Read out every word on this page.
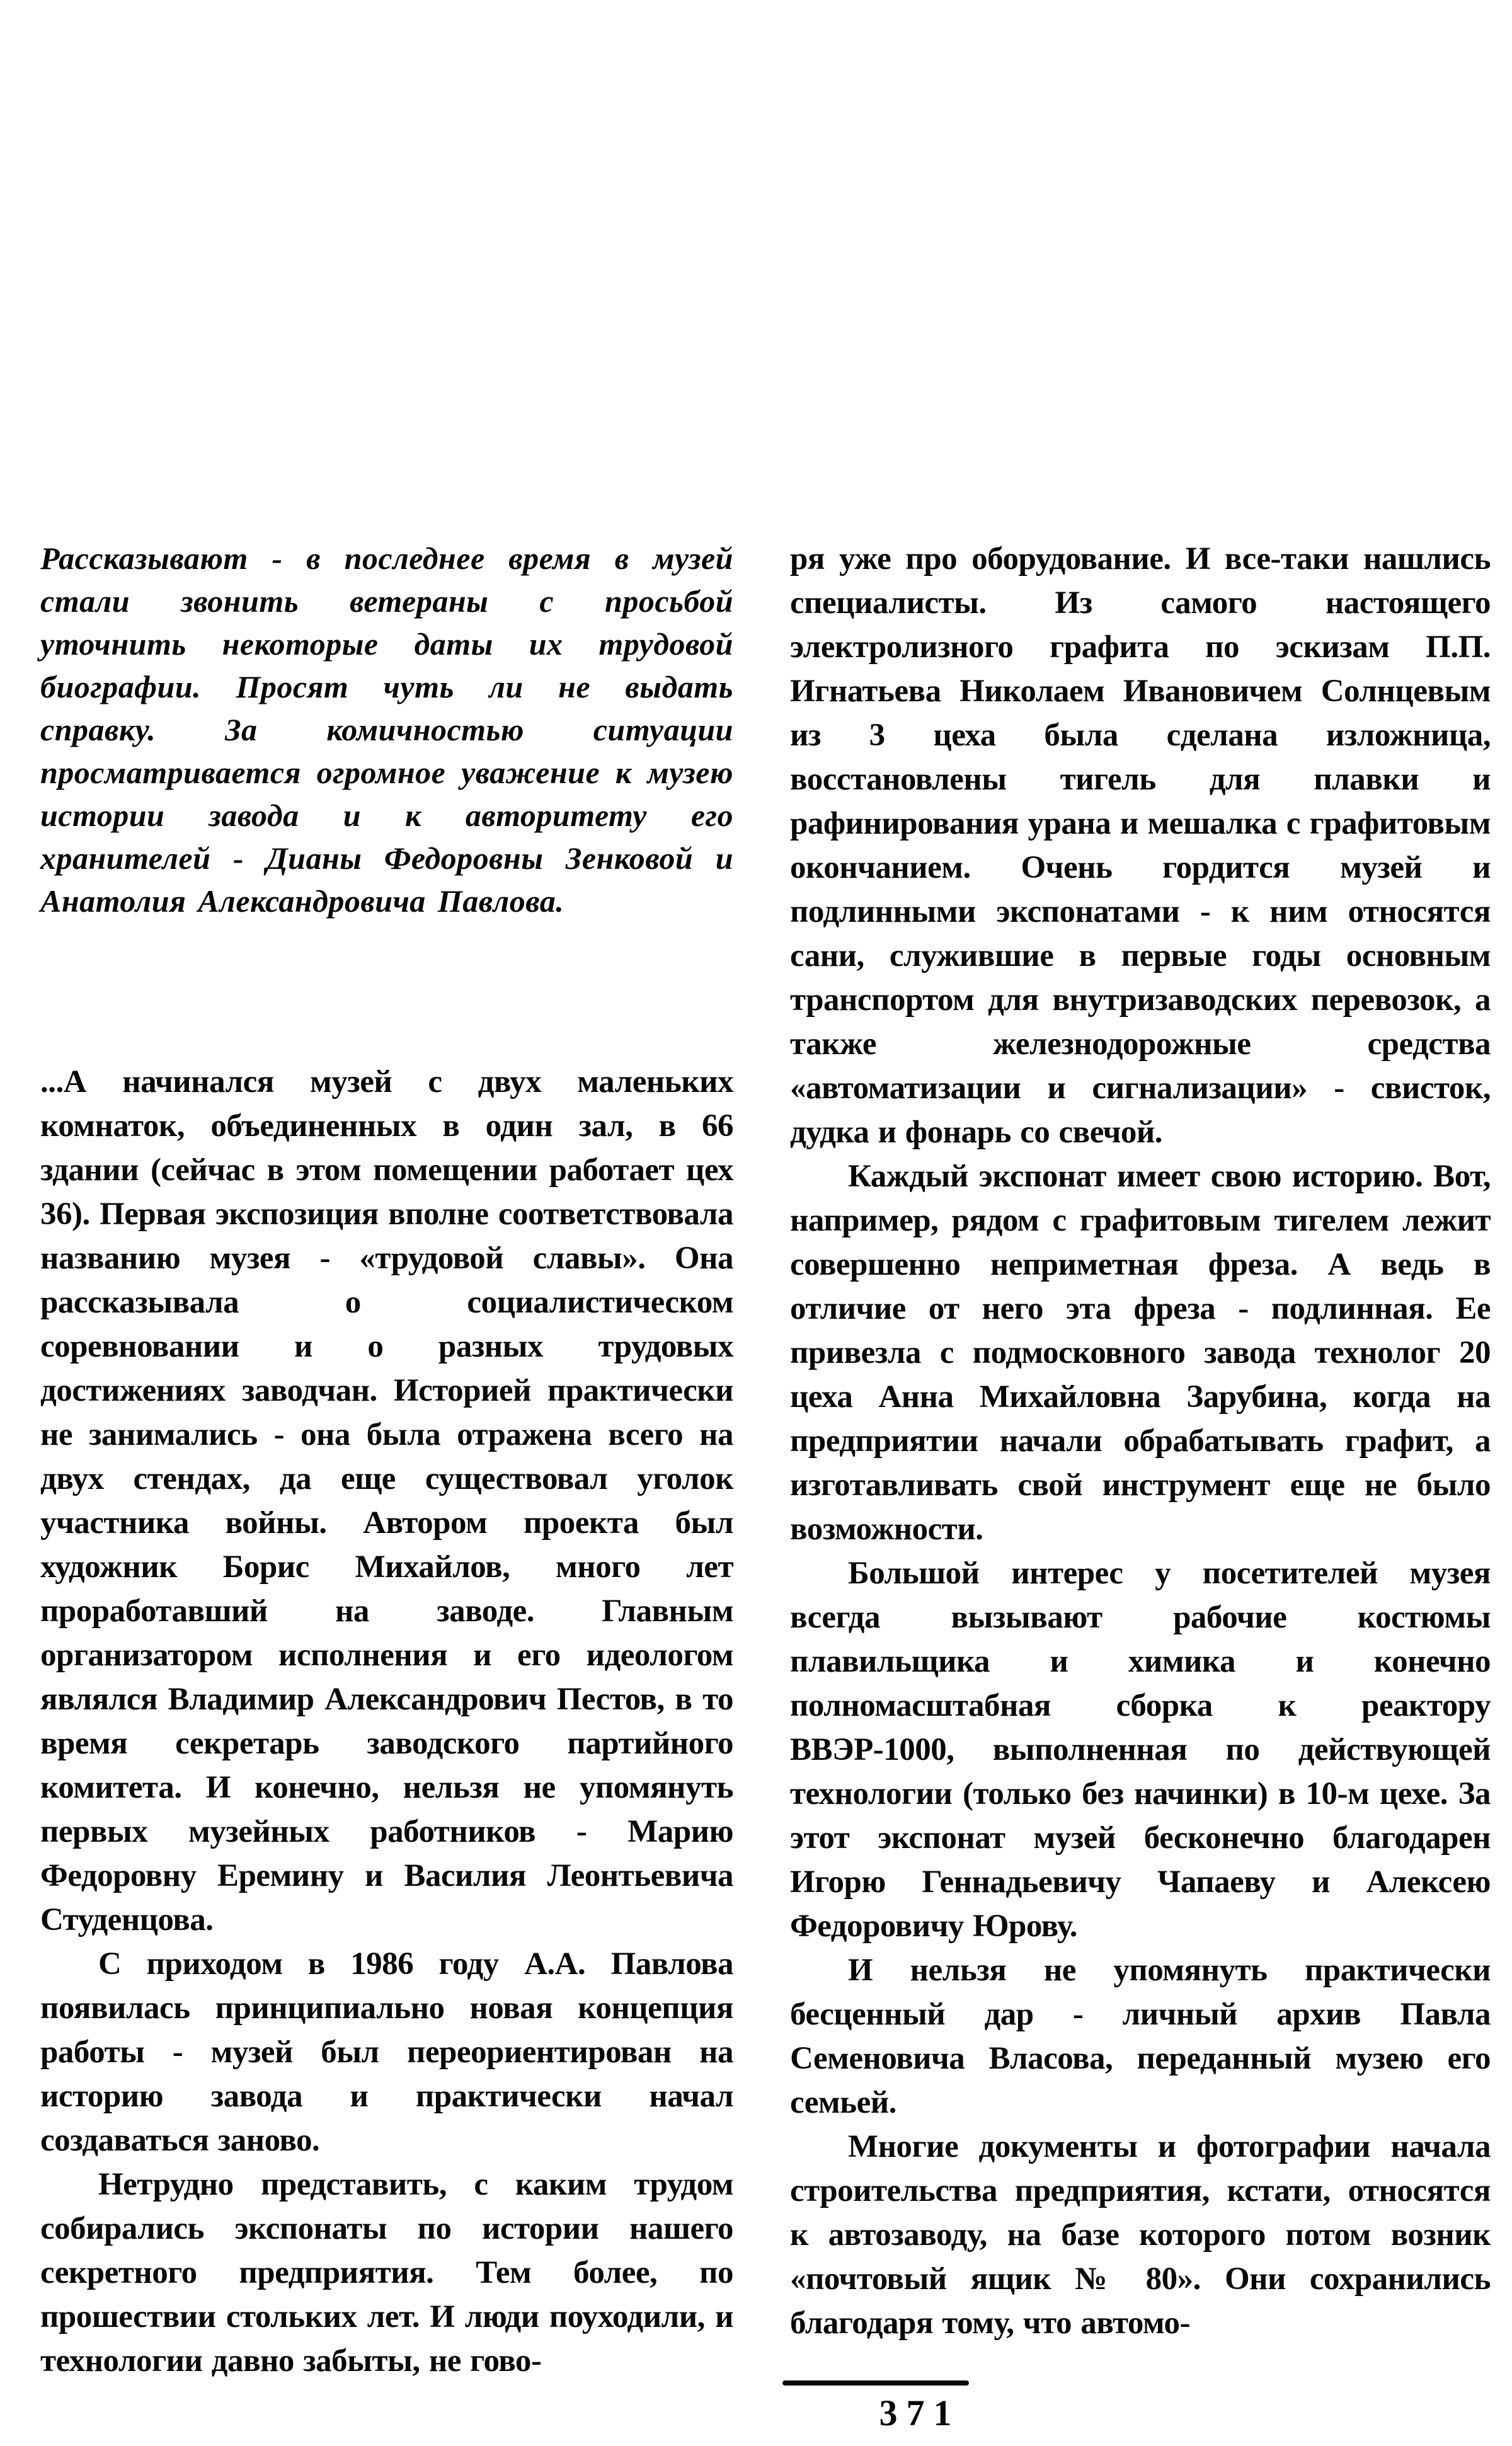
Рассказывают - в последнее время в музей стали звонить ветераны с просьбой уточнить некоторые даты их трудовой биографии. Просят чуть ли не выдать справку. За комичностью ситуации просматривается огромное уважение к музею истории завода и к авторитету его хранителей - Дианы Федоровны Зенковой и Анатолия Александровича Павлова.

...А начинался музей с двух маленьких комнаток, объединенных в один зал, в 66 здании (сейчас в этом помещении работает цех 36). Первая экспозиция вполне соответствовала названию музея - «трудовой славы». Она рассказывала о социалистическом соревновании и о разных трудовых достижениях заводчан. Историей практически не занимались - она была отражена всего на двух стендах, да еще существовал уголок участника войны. Автором проекта был художник Борис Михайлов, много лет проработавший на заводе. Главным организатором исполнения и его идеологом являлся Владимир Александрович Пестов, в то время секретарь заводского партийного комитета. И конечно, нельзя не упомянуть первых музейных работников - Марию Федоровну Еремину и Василия Леонтьевича Студенцова.

С приходом в 1986 году А.А. Павлова появилась принципиально новая концепция работы - музей был переориентирован на историю завода и практически начал создаваться заново.

Нетрудно представить, с каким трудом собирались экспонаты по истории нашего секретного предприятия. Тем более, по прошествии стольких лет. И люди поуходили, и технологии давно забыты, не гово-

ря уже про оборудование. И все-таки нашлись специалисты. Из самого настоящего электролизного графита по эскизам П.П. Игнатьева Николаем Ивановичем Солнцевым из 3 цеха была сделана изложница, восстановлены тигель для плавки и рафинирования урана и мешалка с графитовым окончанием. Очень гордится музей и подлинными экспонатами - к ним относятся сани, служившие в первые годы основным транспортом для внутризаводских перевозок, а также железнодорожные средства «автоматизации и сигнализации» - свисток, дудка и фонарь со свечой.

Каждый экспонат имеет свою историю. Вот, например, рядом с графитовым тигелем лежит совершенно неприметная фреза. А ведь в отличие от него эта фреза - подлинная. Ее привезла с подмосковного завода технолог 20 цеха Анна Михайловна Зарубина, когда на предприятии начали обрабатывать графит, а изготавливать свой инструмент еще не было возможности.

Большой интерес у посетителей музея всегда вызывают рабочие костюмы плавильщика и химика и конечно полномасштабная сборка к реактору ВВЭР-1000, выполненная по действующей технологии (только без начинки) в 10-м цехе. За этот экспонат музей бесконечно благодарен Игорю Геннадьевичу Чапаеву и Алексею Федоровичу Юрову.

И нельзя не упомянуть практически бесценный дар - личный архив Павла Семеновича Власова, переданный музею его семьей.

Многие документы и фотографии начала строительства предприятия, кстати, относятся к автозаводу, на базе которого потом возник «почтовый ящик № 80». Они сохранились благодаря тому, что автомо-

371
